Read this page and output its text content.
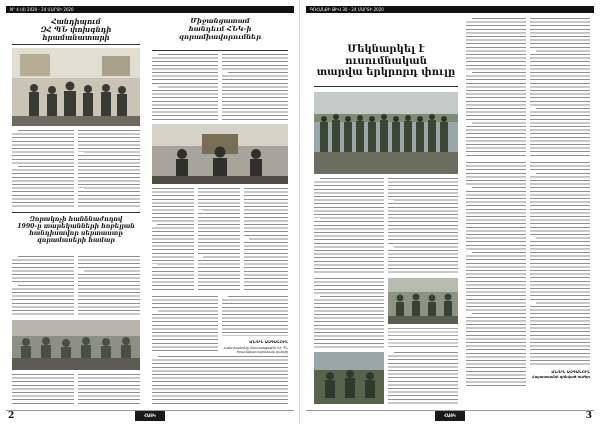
N° 4 (4) 2020 - 24 ՄԱՐՏԻ 2020
Հանդիպում
ԶՀ ՊՆ փոխգնդի հրամանատարի
Զորակոչի հանձնաժողով
1990-ը տարեկանների հոբելյան
հանդիսավոր սերտաստը
զորամասերի համար
Միջանցատամ
հանդեւմ ՀՆԿ-ի
զորամիավորումներ
ԱՆՈՒՆ ԱԶԳԱՆՈՒՆ
Հանդիպմանը մասնակցեցին ՀՀ ՊՆ հրամանատարական կազմը
2	ՀԱՅԿ
ԳՈՀԱՆՔԻ ԹԻՎ 30 - 24 ՄԱՐՏԻ 2020
Մեկնարկել է ուսումնական
տարվա երկրորդ փուլը
ԱՆՈՒՆ ԱԶԳԱՆՈՒՆ
Հայաստանի զինված ուժեր
ՀԱՅԿ	3
